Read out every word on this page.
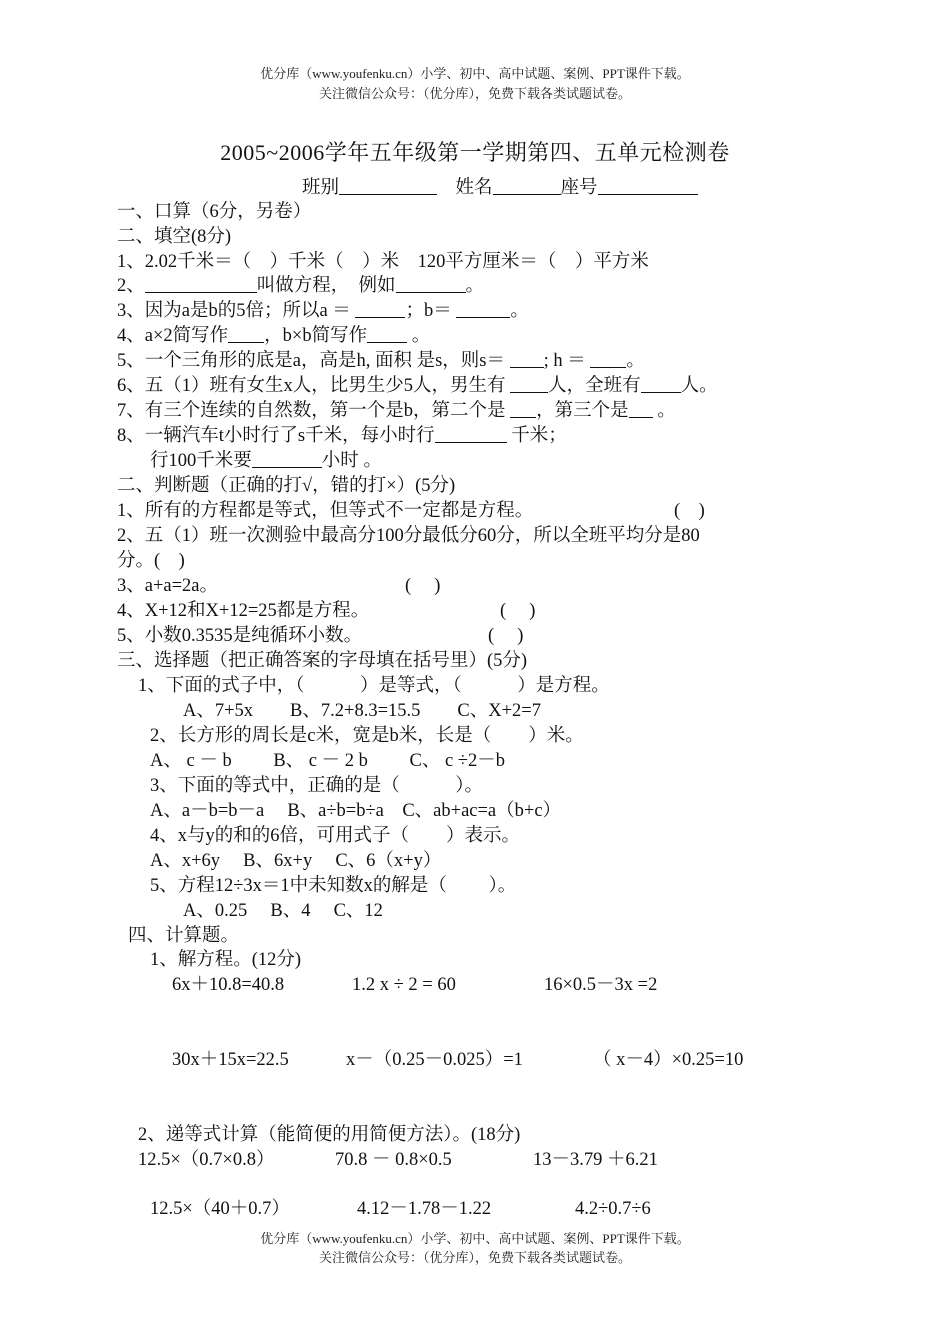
优分库（www.youfenku.cn）小学、初中、高中试题、案例、PPT课件下载。
关注微信公众号：（优分库），免费下载各类试题试卷。
2005~2006学年五年级第一学期第四、五单元检测卷
班别　	姓名	座号
一、口算（6分，另卷）
二、填空(8分)
1、2.02千米＝（　）千米（　）米　120平方厘米＝（　）平方米
2、	叫做方程，　例如	。
3、因为a是b的5倍；所以a ＝	；b＝	。
4、a×2简写作 ，b×b简写作 。
5、一个三角形的底是a，高是h, 面积 是s，则s＝ ; h ＝ 。
6、五（1）班有女生x人，比男生少5人，男生有 人，全班有 人。
7、有三个连续的自然数，第一个是b，第二个是 ，第三个是 。
8、一辆汽车t小时行了s千米，每小时行	千米；
行100千米要	小时 。
二、判断题（正确的打√，错的打×）(5分)
1、所有的方程都是等式，但等式不一定都是方程。	(　)
2、五（1）班一次测验中最高分100分最低分60分，所以全班平均分是80
分。(　)
3、a+a=2a。	(　 )
4、X+12和X+12=25都是方程。	(　 )
5、小数0.3535是纯循环小数。	(　 )
三、选择题（把正确答案的字母填在括号里）(5分)
1、下面的式子中，（　　　）是等式，（　　　）是方程。
A、7+5x　　B、7.2+8.3=15.5　　C、X+2=7
2、长方形的周长是c米，宽是b米，长是（　　）米。
A、 c － b　　 B、 c － 2 b　　 C、 c ÷2－b
3、下面的等式中，正确的是（　　　）。
A、a－b=b－a　 B、a÷b=b÷a　C、ab+ac=a（b+c）
4、x与y的和的6倍，可用式子（　　）表示。
A、x+6y　 B、6x+y　 C、6（x+y）
5、方程12÷3x＝1中未知数x的解是（　　 ）。
A、0.25　 B、4　 C、12
四、计算题。
1、解方程。(12分)
6x＋10.8=40.8	1.2 x ÷ 2 = 60	16×0.5－3x =2
30x＋15x=22.5	x－（0.25－0.025）=1	（ x－4）×0.25=10
2、递等式计算（能简便的用简便方法）。(18分)
12.5×（0.7×0.8）	70.8 － 0.8×0.5	13－3.79 ＋6.21
12.5×（40＋0.7）	4.12－1.78－1.22	4.2÷0.7÷6
优分库（www.youfenku.cn）小学、初中、高中试题、案例、PPT课件下载。
关注微信公众号：（优分库），免费下载各类试题试卷。
